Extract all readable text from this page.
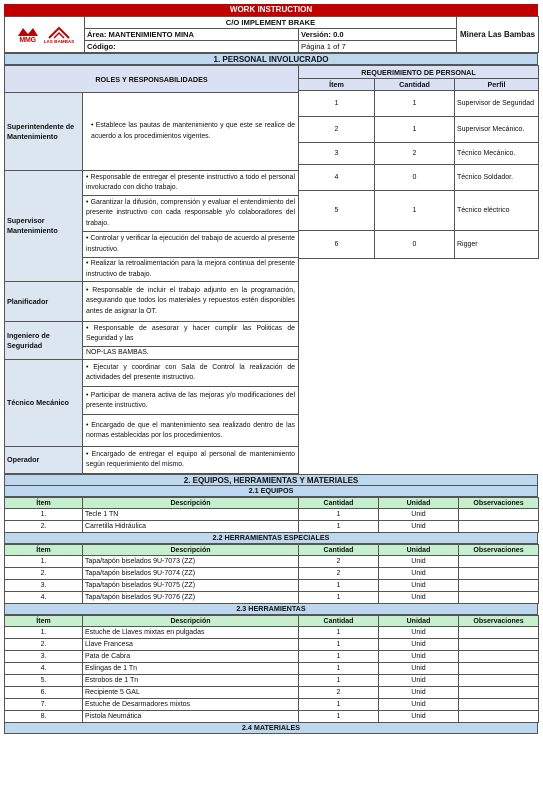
WORK INSTRUCTION
MMG LAS BAMBAS	C/O IMPLEMENT BRAKE		Minera Las Bambas
	Área: MANTENIMIENTO MINA	Versión: 0.0	
	Código:	Página 1 of 7	
1. PERSONAL INVOLUCRADO
ROLES Y RESPONSABILIDADES	
Superintendente de Mantenimiento	• Establece las pautas de mantenimiento y que este se realice de acuerdo a los procedimientos vigentes.
Supervisor Mantenimiento	• Responsable de entregar el presente instructivo a todo el personal involucrado con dicho trabajo.
	• Garantizar la difusión, comprensión y evaluar el entendimiento del presente instructivo con cada responsable y/o colaboradores del trabajo.
	• Controlar y verificar la ejecución del trabajo de acuerdo al presente instructivo.
	• Realizar la retroalimentación para la mejora continua del presente instructivo de trabajo.
Planificador	• Responsable de incluir el trabajo adjunto en la programación, asegurando que todos los materiales y repuestos estén disponibles antes de asignar la OT.
Ingeniero de Seguridad	• Responsable de asesorar y hacer cumplir las Politicas de Seguridad y las
	NOP-LAS BAMBAS.
Técnico Mecánico	• Ejecutar y coordinar con Sala de Control la realización de actividades del presente instructivo.
	• Participar de manera activa de las mejoras y/o modificaciones del presente instructivo.
	• Encargado de que el mantenimiento sea realizado dentro de las normas establecidas por los procedimientos.
Operador	• Encargado de entregar el equipo al personal de mantenimiento según requerimiento del mismo.
REQUERIMIENTO DE PERSONAL		
Ítem	Cantidad	Perfil
1	1	Supervisor de Seguridad
2	1	Supervisor Mecánico.
3	2	Técnico Mecánico.
4	0	Técnico Soldador.
5	1	Técnico eléctrico
6	0	Rigger
2. EQUIPOS, HERRAMIENTAS Y MATERIALES
2.1 EQUIPOS
Ítem	Descripción	Cantidad	Unidad	Observaciones
1.	Tecle 1 TN	1	Unid	
2.	Carretilla Hidráulica	1	Unid	
2.2 HERRAMIENTAS ESPECIALES
Ítem	Descripción	Cantidad	Unidad	Observaciones
1.	Tapa/tapón biselados 9U-7073 (ZZ)	2	Unid	
2.	Tapa/tapón biselados 9U-7074 (ZZ)	2	Unid	
3.	Tapa/tapón biselados 9U-7075 (ZZ)	1	Unid	
4.	Tapa/tapón biselados 9U-7076 (ZZ)	1	Unid	
2.3 HERRAMIENTAS
Ítem	Descripción	Cantidad	Unidad	Observaciones
1.	Estuche de Llaves mixtas en pulgadas	1	Unid	
2.	Llave Francesa	1	Unid	
3.	Pata de Cabra	1	Unid	
4.	Eslingas de 1 Tn	1	Unid	
5.	Estrobos de 1 Tn	1	Unid	
6.	Recipiente 5 GAL	2	Unid	
7.	Estuche de Desarmadores mixtos	1	Unid	
8.	Pistola Neumática	1	Unid	
2.4 MATERIALES
